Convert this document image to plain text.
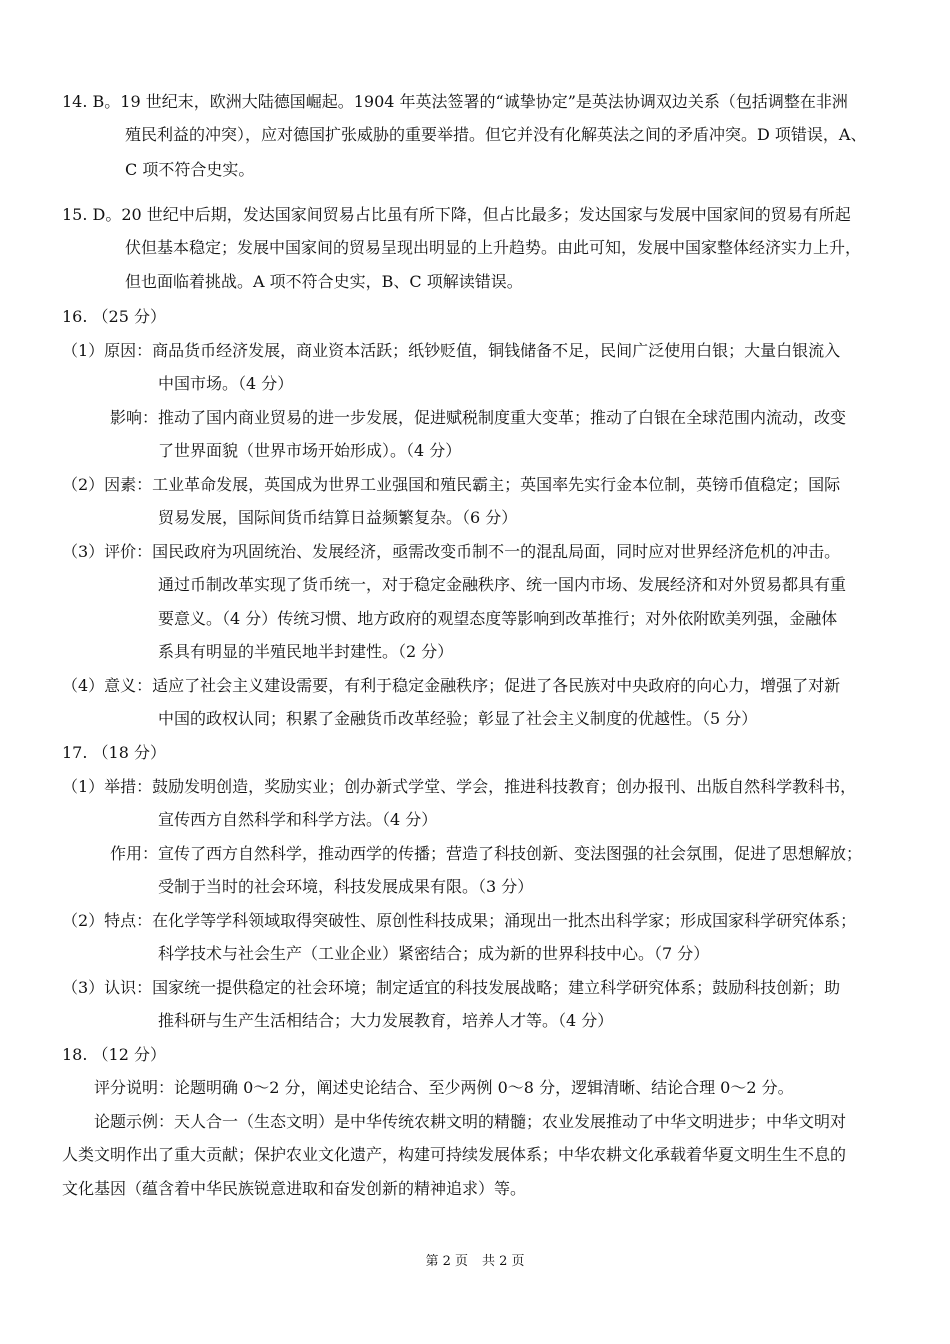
14. B。19 世纪末，欧洲大陆德国崛起。1904 年英法签署的“诚挚协定”是英法协调双边关系（包括调整在非洲
殖民利益的冲突），应对德国扩张威胁的重要举措。但它并没有化解英法之间的矛盾冲突。D 项错误，A、
C 项不符合史实。
15. D。20 世纪中后期，发达国家间贸易占比虽有所下降，但占比最多；发达国家与发展中国家间的贸易有所起
伏但基本稳定；发展中国家间的贸易呈现出明显的上升趋势。由此可知，发展中国家整体经济实力上升，
但也面临着挑战。A 项不符合史实，B、C 项解读错误。
16. （25 分）
（1）原因：商品货币经济发展，商业资本活跃；纸钞贬值，铜钱储备不足，民间广泛使用白银；大量白银流入
中国市场。（4 分）
影响：推动了国内商业贸易的进一步发展，促进赋税制度重大变革；推动了白银在全球范围内流动，改变
了世界面貌（世界市场开始形成）。（4 分）
（2）因素：工业革命发展，英国成为世界工业强国和殖民霸主；英国率先实行金本位制，英镑币值稳定；国际
贸易发展，国际间货币结算日益频繁复杂。（6 分）
（3）评价：国民政府为巩固统治、发展经济，亟需改变币制不一的混乱局面，同时应对世界经济危机的冲击。
通过币制改革实现了货币统一，对于稳定金融秩序、统一国内市场、发展经济和对外贸易都具有重
要意义。（4 分）传统习惯、地方政府的观望态度等影响到改革推行；对外依附欧美列强，金融体
系具有明显的半殖民地半封建性。（2 分）
（4）意义：适应了社会主义建设需要，有利于稳定金融秩序；促进了各民族对中央政府的向心力，增强了对新
中国的政权认同；积累了金融货币改革经验；彰显了社会主义制度的优越性。（5 分）
17. （18 分）
（1）举措：鼓励发明创造，奖励实业；创办新式学堂、学会，推进科技教育；创办报刊、出版自然科学教科书，
宣传西方自然科学和科学方法。（4 分）
作用：宣传了西方自然科学，推动西学的传播；营造了科技创新、变法图强的社会氛围，促进了思想解放；
受制于当时的社会环境，科技发展成果有限。（3 分）
（2）特点：在化学等学科领域取得突破性、原创性科技成果；涌现出一批杰出科学家；形成国家科学研究体系；
科学技术与社会生产（工业企业）紧密结合；成为新的世界科技中心。（7 分）
（3）认识：国家统一提供稳定的社会环境；制定适宜的科技发展战略；建立科学研究体系；鼓励科技创新；助
推科研与生产生活相结合；大力发展教育，培养人才等。（4 分）
18. （12 分）
评分说明：论题明确 0～2 分，阐述史论结合、至少两例 0～8 分，逻辑清晰、结论合理 0～2 分。
论题示例：天人合一（生态文明）是中华传统农耕文明的精髓；农业发展推动了中华文明进步；中华文明对
人类文明作出了重大贡献；保护农业文化遗产，构建可持续发展体系；中华农耕文化承载着华夏文明生生不息的
文化基因（蕴含着中华民族锐意进取和奋发创新的精神追求）等。
第 2 页 共 2 页
